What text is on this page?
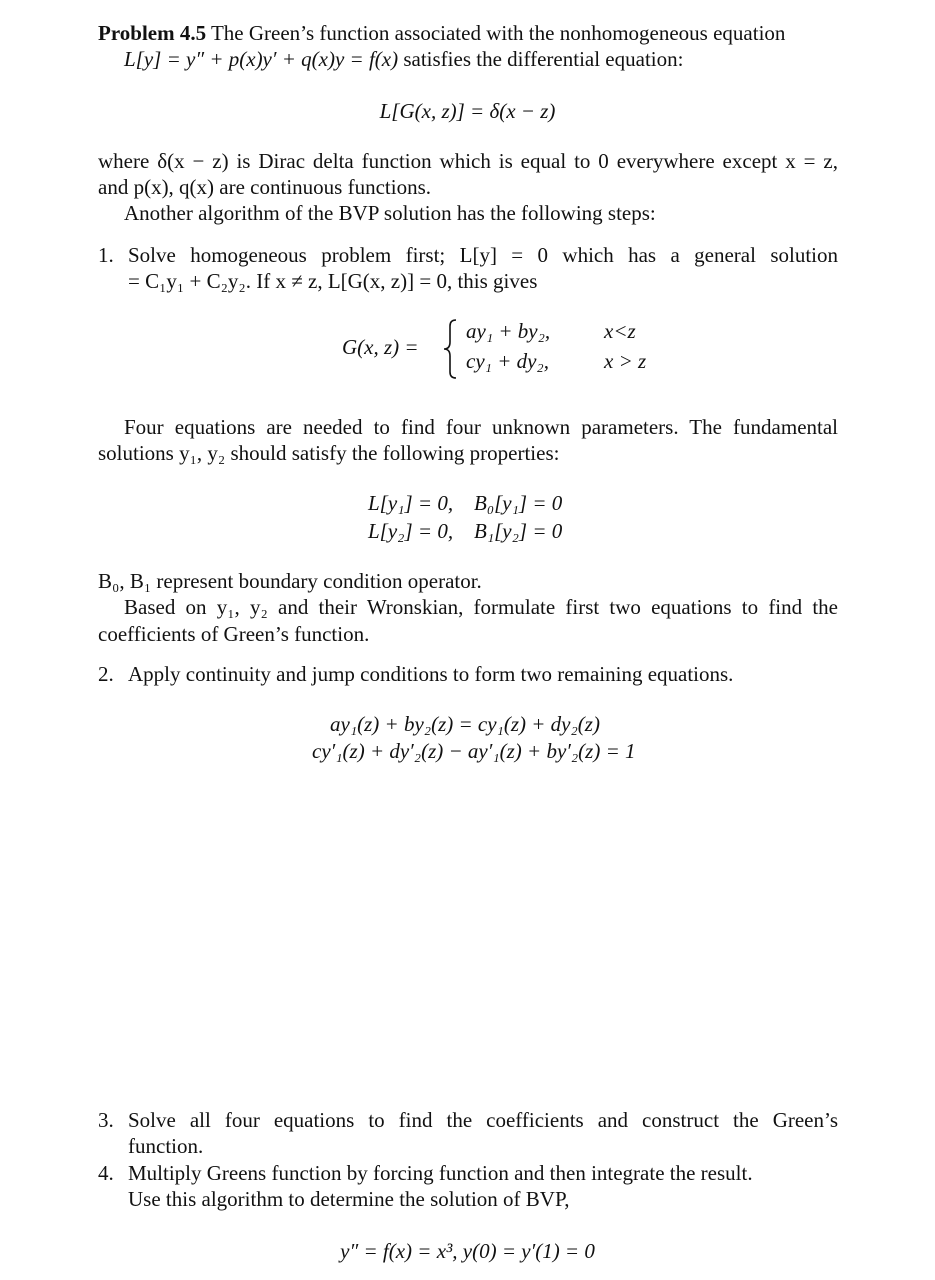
Problem 4.5 The Green’s function associated with the nonhomogeneous equation
L[y] = y″ + p(x)y′ + q(x)y = f(x) satisfies the differential equation:
L[G(x, z)] = δ(x − z)
where δ(x − z) is Dirac delta function which is equal to 0 everywhere except x = z,
and p(x), q(x) are continuous functions.
Another algorithm of the BVP solution has the following steps:
1. Solve homogeneous problem first; L[y] = 0 which has a general solution
= C₁y₁ + C₂y₂. If x ≠ z, L[G(x, z)] = 0, this gives
G(x, z) =
ay₁ + by₂,	x<z
cy₁ + dy₂,	x > z
Four equations are needed to find four unknown parameters. The fundamental
solutions y₁, y₂ should satisfy the following properties:
L[y₁] = 0, B₀[y₁] = 0
L[y₂] = 0, B₁[y₂] = 0
B₀, B₁ represent boundary condition operator.
Based on y₁, y₂ and their Wronskian, formulate first two equations to find the
coefficients of Green’s function.
2. Apply continuity and jump conditions to form two remaining equations.
ay₁(z) + by₂(z) = cy₁(z) + dy₂(z)
cy′₁(z) + dy′₂(z) − ay′₁(z) + by′₂(z) = 1
3. Solve all four equations to find the coefficients and construct the Green’s
function.
4. Multiply Greens function by forcing function and then integrate the result.
Use this algorithm to determine the solution of BVP,
y″ = f(x) = x³, y(0) = y′(1) = 0
